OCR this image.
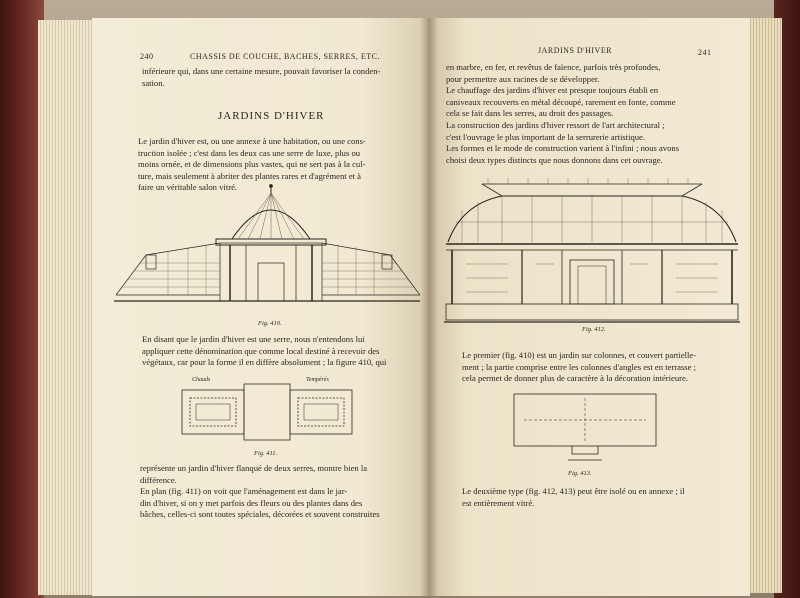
240	CHASSIS DE COUCHE, BACHES, SERRES, ETC.
inférieure qui, dans une certaine mesure, pouvait favoriser la conden-
sation.
JARDINS D'HIVER
Le jardin d'hiver est, ou une annexe à une habitation, ou une cons-
truction isolée ; c'est dans les deux cas une serre de luxe, plus ou
moins ornée, et de dimensions plus vastes, qui ne sert pas à la cul-
ture, mais seulement à abriter des plantes rares et d'agrément et à
faire un véritable salon vitré.
Fig. 410.
En disant que le jardin d'hiver est une serre, nous n'entendons lui
appliquer cette dénomination que comme local destiné à recevoir des
végétaux, car pour la forme il en diffère absolument ; la figure 410, qui
Chauds	Tempérés
Fig. 411.
représente un jardin d'hiver flanqué de deux serres, montre bien la
différence.
En plan (fig. 411) on voit que l'aménagement est dans le jar-
din d'hiver, si on y met parfois des fleurs ou des plantes dans des
bâches, celles-ci sont toutes spéciales, décorées et souvent construites
JARDINS D'HIVER	241
en marbre, en fer, et revêtus de faïence, parfois très profondes,
pour permettre aux racines de se développer.
Le chauffage des jardins d'hiver est presque toujours établi en
caniveaux recouverts en métal découpé, rarement en fonte, comme
cela se fait dans les serres, au droit des passages.
La construction des jardins d'hiver ressort de l'art architectural ;
c'est l'ouvrage le plus important de la serrurerie artistique.
Les formes et le mode de construction varient à l'infini ; nous avons
choisi deux types distincts que nous donnons dans cet ouvrage.
Fig. 412.
Le premier (fig. 410) est un jardin sur colonnes, et couvert partielle-
ment ; la partie comprise entre les colonnes d'angles est en terrasse ;
cela permet de donner plus de caractère à la décoration intérieure.
Fig. 413.
Le deuxième type (fig. 412, 413) peut être isolé ou en annexe ; il
est entièrement vitré.
